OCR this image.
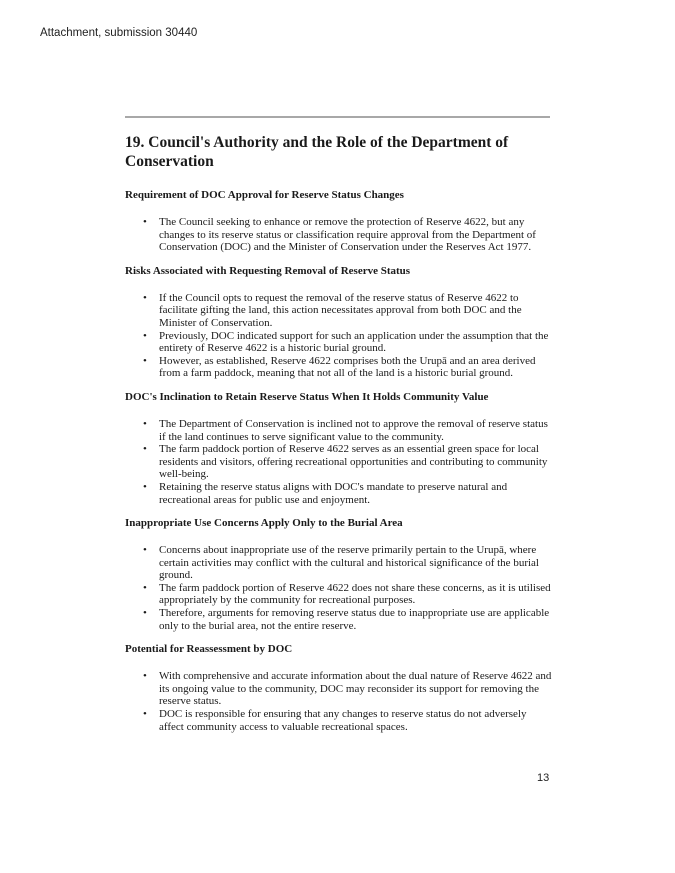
Attachment, submission 30440
19. Council's Authority and the Role of the Department of Conservation
Requirement of DOC Approval for Reserve Status Changes
• The Council seeking to enhance or remove the protection of Reserve 4622, but any changes to its reserve status or classification require approval from the Department of Conservation (DOC) and the Minister of Conservation under the Reserves Act 1977.
Risks Associated with Requesting Removal of Reserve Status
• If the Council opts to request the removal of the reserve status of Reserve 4622 to facilitate gifting the land, this action necessitates approval from both DOC and the Minister of Conservation.
• Previously, DOC indicated support for such an application under the assumption that the entirety of Reserve 4622 is a historic burial ground.
• However, as established, Reserve 4622 comprises both the Urupā and an area derived from a farm paddock, meaning that not all of the land is a historic burial ground.
DOC's Inclination to Retain Reserve Status When It Holds Community Value
• The Department of Conservation is inclined not to approve the removal of reserve status if the land continues to serve significant value to the community.
• The farm paddock portion of Reserve 4622 serves as an essential green space for local residents and visitors, offering recreational opportunities and contributing to community well-being.
• Retaining the reserve status aligns with DOC's mandate to preserve natural and recreational areas for public use and enjoyment.
Inappropriate Use Concerns Apply Only to the Burial Area
• Concerns about inappropriate use of the reserve primarily pertain to the Urupā, where certain activities may conflict with the cultural and historical significance of the burial ground.
• The farm paddock portion of Reserve 4622 does not share these concerns, as it is utilised appropriately by the community for recreational purposes.
• Therefore, arguments for removing reserve status due to inappropriate use are applicable only to the burial area, not the entire reserve.
Potential for Reassessment by DOC
• With comprehensive and accurate information about the dual nature of Reserve 4622 and its ongoing value to the community, DOC may reconsider its support for removing the reserve status.
• DOC is responsible for ensuring that any changes to reserve status do not adversely affect community access to valuable recreational spaces.
13
